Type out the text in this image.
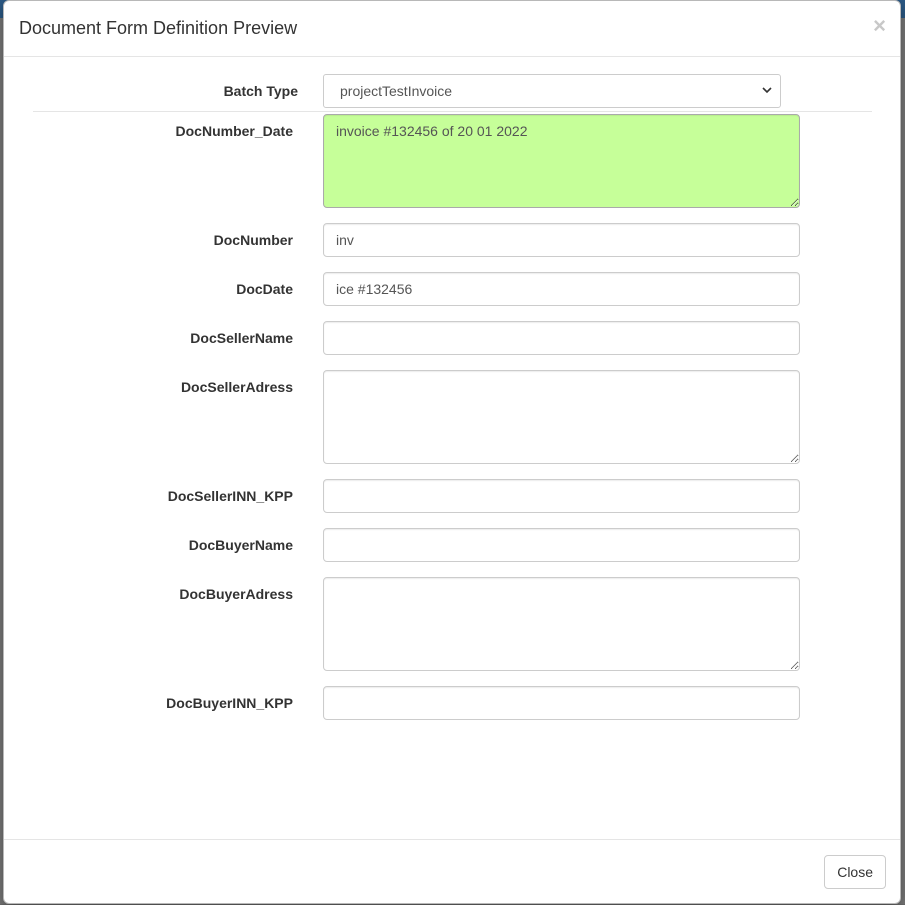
Document Form Definition Preview	×
Batch Type	projectTestInvoice
DocNumber_Date
invoice #132456 of 20 01 2022
DocNumber
inv
DocDate
ice #132456
DocSellerName
DocSellerAdress
DocSellerINN_KPP
DocBuyerName
DocBuyerAdress
DocBuyerINN_KPP
Close
